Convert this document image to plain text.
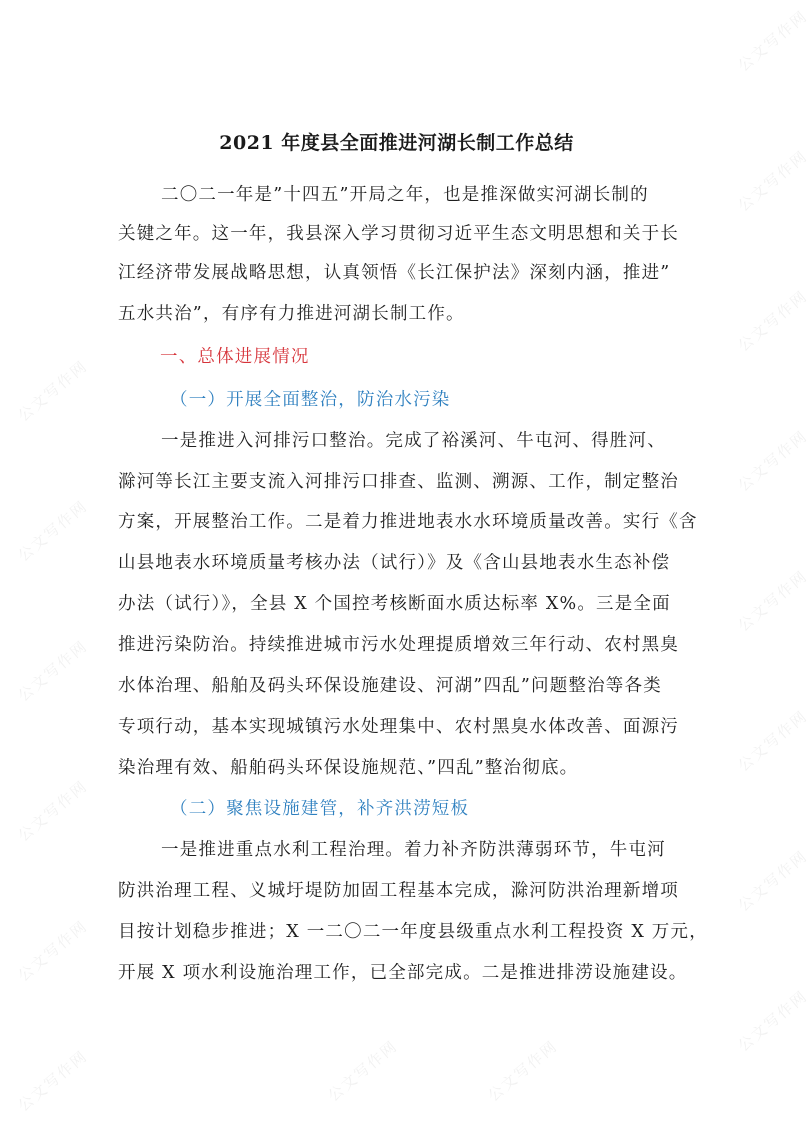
公文写作网
公文写作网
公文写作网
公文写作网
公文写作网
公文写作网
公文写作网
公文写作网
公文写作网
公文写作网
公文写作网
公文写作网
公文写作网
公文写作网	公文写作网	公文写作网
2021 年度县全面推进河湖长制工作总结
二〇二一年是”十四五”开局之年，也是推深做实河湖长制的
关键之年。这一年，我县深入学习贯彻习近平生态文明思想和关于长
江经济带发展战略思想，认真领悟《长江保护法》深刻内涵，推进”
五水共治”，有序有力推进河湖长制工作。
一、总体进展情况
（一）开展全面整治，防治水污染
一是推进入河排污口整治。完成了裕溪河、牛屯河、得胜河、
滁河等长江主要支流入河排污口排查、监测、溯源、工作，制定整治
方案，开展整治工作。二是着力推进地表水水环境质量改善。实行《含
山县地表水环境质量考核办法（试行）》及《含山县地表水生态补偿
办法（试行）》，全县 X 个国控考核断面水质达标率 X%。三是全面
推进污染防治。持续推进城市污水处理提质增效三年行动、农村黑臭
水体治理、船舶及码头环保设施建设、河湖”四乱”问题整治等各类
专项行动，基本实现城镇污水处理集中、农村黑臭水体改善、面源污
染治理有效、船舶码头环保设施规范、”四乱”整治彻底。
（二）聚焦设施建管，补齐洪涝短板
一是推进重点水利工程治理。着力补齐防洪薄弱环节，牛屯河
防洪治理工程、义城圩堤防加固工程基本完成，滁河防洪治理新增项
目按计划稳步推进；X 一二〇二一年度县级重点水利工程投资 X 万元，
开展 X 项水利设施治理工作，已全部完成。二是推进排涝设施建设。
